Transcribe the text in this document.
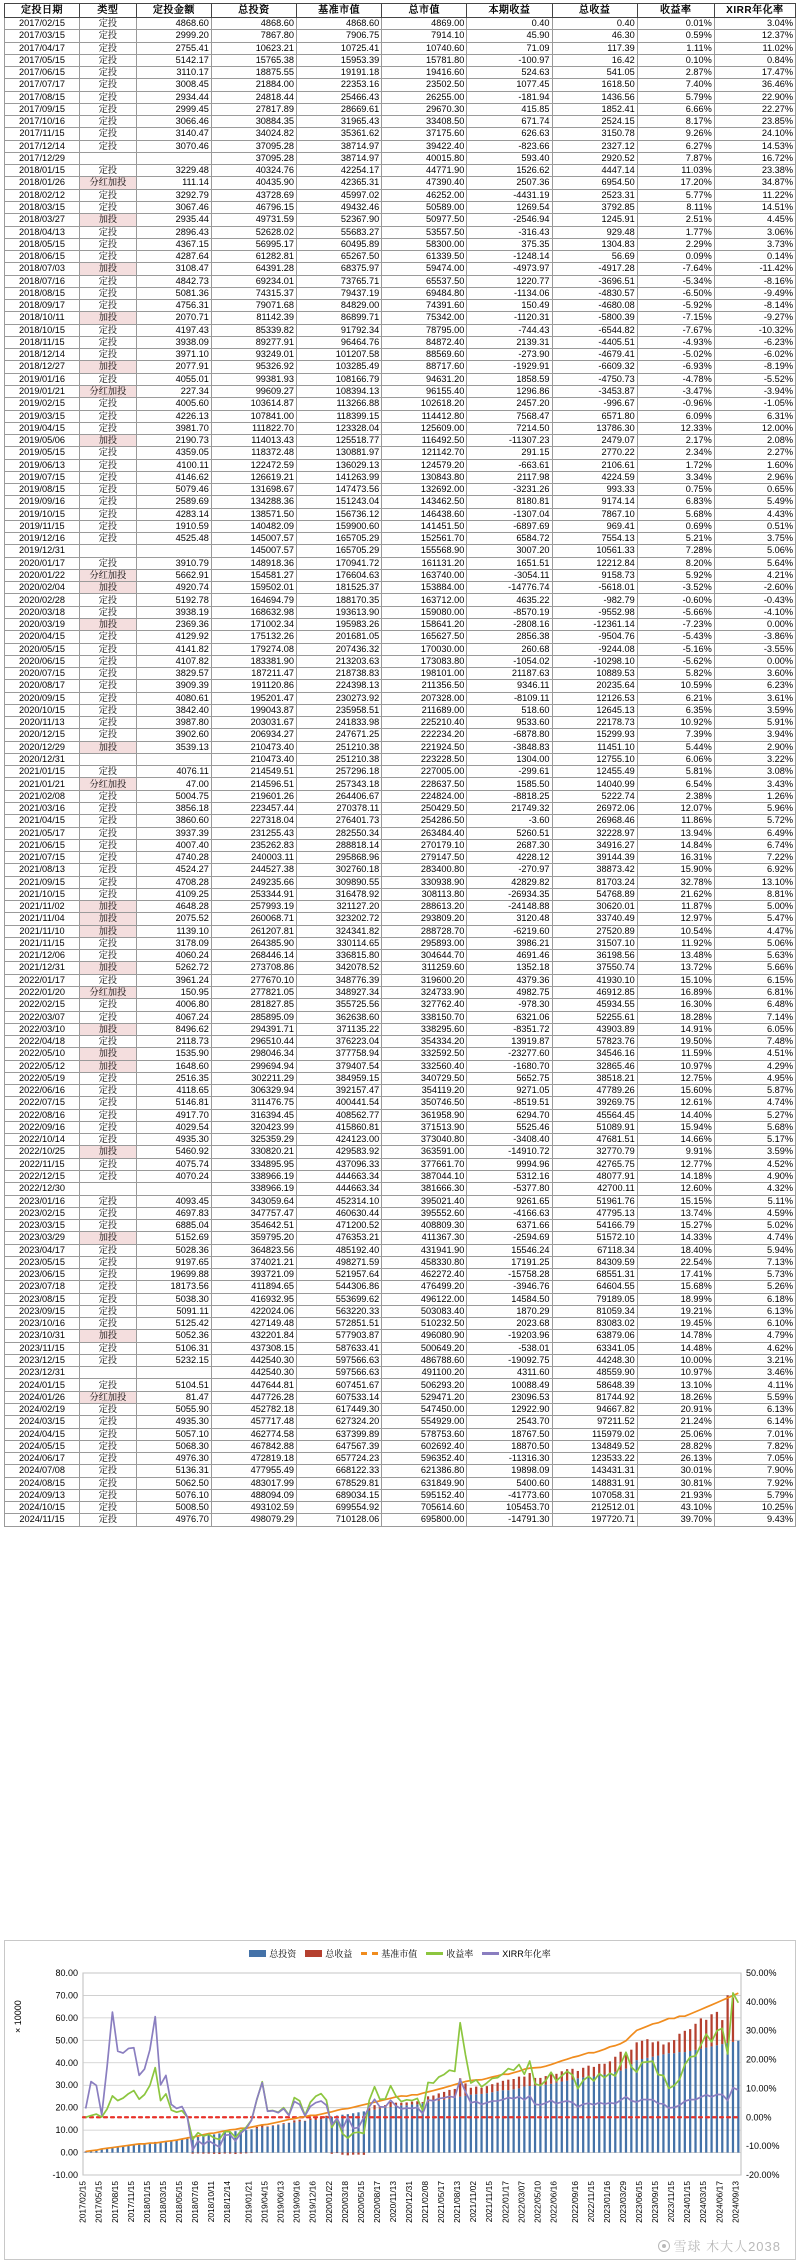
定投日期	类型	定投金额	总投资	基准市值	总市值	本期收益	总收益	收益率	XIRR年化率
2017/02/15	定投	4868.60	4868.60	4868.60	4869.00	0.40	0.40	0.01%	3.04%
2017/03/15	定投	2999.20	7867.80	7906.75	7914.10	45.90	46.30	0.59%	12.37%
2017/04/17	定投	2755.41	10623.21	10725.41	10740.60	71.09	117.39	1.11%	11.02%
2017/05/15	定投	5142.17	15765.38	15953.39	15781.80	-100.97	16.42	0.10%	0.84%
2017/06/15	定投	3110.17	18875.55	19191.18	19416.60	524.63	541.05	2.87%	17.47%
2017/07/17	定投	3008.45	21884.00	22353.16	23502.50	1077.45	1618.50	7.40%	36.46%
2017/08/15	定投	2934.44	24818.44	25466.43	26255.00	-181.94	1436.56	5.79%	22.90%
2017/09/15	定投	2999.45	27817.89	28669.61	29670.30	415.85	1852.41	6.66%	22.27%
2017/10/16	定投	3066.46	30884.35	31965.43	33408.50	671.74	2524.15	8.17%	23.85%
2017/11/15	定投	3140.47	34024.82	35361.62	37175.60	626.63	3150.78	9.26%	24.10%
2017/12/14	定投	3070.46	37095.28	38714.97	39422.40	-823.66	2327.12	6.27%	14.53%
2017/12/29			37095.28	38714.97	40015.80	593.40	2920.52	7.87%	16.72%
2018/01/15	定投	3229.48	40324.76	42254.17	44771.90	1526.62	4447.14	11.03%	23.38%
2018/01/26	分红加投	111.14	40435.90	42365.31	47390.40	2507.36	6954.50	17.20%	34.87%
2018/02/12	定投	3292.79	43728.69	45997.02	46252.00	-4431.19	2523.31	5.77%	11.22%
2018/03/15	定投	3067.46	46796.15	49432.46	50589.00	1269.54	3792.85	8.11%	14.51%
2018/03/27	加投	2935.44	49731.59	52367.90	50977.50	-2546.94	1245.91	2.51%	4.45%
2018/04/13	定投	2896.43	52628.02	55683.27	53557.50	-316.43	929.48	1.77%	3.06%
2018/05/15	定投	4367.15	56995.17	60495.89	58300.00	375.35	1304.83	2.29%	3.73%
2018/06/15	定投	4287.64	61282.81	65267.50	61339.50	-1248.14	56.69	0.09%	0.14%
2018/07/03	加投	3108.47	64391.28	68375.97	59474.00	-4973.97	-4917.28	-7.64%	-11.42%
2018/07/16	定投	4842.73	69234.01	73765.71	65537.50	1220.77	-3696.51	-5.34%	-8.16%
2018/08/15	定投	5081.36	74315.37	79437.19	69484.80	-1134.06	-4830.57	-6.50%	-9.49%
2018/09/17	定投	4756.31	79071.68	84829.00	74391.60	150.49	-4680.08	-5.92%	-8.14%
2018/10/11	加投	2070.71	81142.39	86899.71	75342.00	-1120.31	-5800.39	-7.15%	-9.27%
2018/10/15	定投	4197.43	85339.82	91792.34	78795.00	-744.43	-6544.82	-7.67%	-10.32%
2018/11/15	定投	3938.09	89277.91	96464.76	84872.40	2139.31	-4405.51	-4.93%	-6.23%
2018/12/14	定投	3971.10	93249.01	101207.58	88569.60	-273.90	-4679.41	-5.02%	-6.02%
2018/12/27	加投	2077.91	95326.92	103285.49	88717.60	-1929.91	-6609.32	-6.93%	-8.19%
2019/01/16	定投	4055.01	99381.93	108166.79	94631.20	1858.59	-4750.73	-4.78%	-5.52%
2019/01/21	分红加投	227.34	99609.27	108394.13	96155.40	1296.86	-3453.87	-3.47%	-3.94%
2019/02/15	定投	4005.60	103614.87	113266.88	102618.20	2457.20	-996.67	-0.96%	-1.05%
2019/03/15	定投	4226.13	107841.00	118399.15	114412.80	7568.47	6571.80	6.09%	6.31%
2019/04/15	定投	3981.70	111822.70	123328.04	125609.00	7214.50	13786.30	12.33%	12.00%
2019/05/06	加投	2190.73	114013.43	125518.77	116492.50	-11307.23	2479.07	2.17%	2.08%
2019/05/15	定投	4359.05	118372.48	130881.97	121142.70	291.15	2770.22	2.34%	2.27%
2019/06/13	定投	4100.11	122472.59	136029.13	124579.20	-663.61	2106.61	1.72%	1.60%
2019/07/15	定投	4146.62	126619.21	141263.99	130843.80	2117.98	4224.59	3.34%	2.96%
2019/08/15	定投	5079.46	131698.67	147473.56	132692.00	-3231.26	993.33	0.75%	0.65%
2019/09/16	定投	2589.69	134288.36	151243.04	143462.50	8180.81	9174.14	6.83%	5.49%
2019/10/15	定投	4283.14	138571.50	156736.12	146438.60	-1307.04	7867.10	5.68%	4.43%
2019/11/15	定投	1910.59	140482.09	159900.60	141451.50	-6897.69	969.41	0.69%	0.51%
2019/12/16	定投	4525.48	145007.57	165705.29	152561.70	6584.72	7554.13	5.21%	3.75%
2019/12/31			145007.57	165705.29	155568.90	3007.20	10561.33	7.28%	5.06%
2020/01/17	定投	3910.79	148918.36	170941.72	161131.20	1651.51	12212.84	8.20%	5.64%
2020/01/22	分红加投	5662.91	154581.27	176604.63	163740.00	-3054.11	9158.73	5.92%	4.21%
2020/02/04	加投	4920.74	159502.01	181525.37	153884.00	-14776.74	-5618.01	-3.52%	-2.60%
2020/02/28	定投	5192.78	164694.79	188170.35	163712.00	4635.22	-982.79	-0.60%	-0.43%
2020/03/18	定投	3938.19	168632.98	193613.90	159080.00	-8570.19	-9552.98	-5.66%	-4.10%
2020/03/19	加投	2369.36	171002.34	195983.26	158641.20	-2808.16	-12361.14	-7.23%	0.00%
2020/04/15	定投	4129.92	175132.26	201681.05	165627.50	2856.38	-9504.76	-5.43%	-3.86%
2020/05/15	定投	4141.82	179274.08	207436.32	170030.00	260.68	-9244.08	-5.16%	-3.55%
2020/06/15	定投	4107.82	183381.90	213203.63	173083.80	-1054.02	-10298.10	-5.62%	0.00%
2020/07/15	定投	3829.57	187211.47	218738.83	198101.00	21187.63	10889.53	5.82%	3.60%
2020/08/17	定投	3909.39	191120.86	224398.13	211356.50	9346.11	20235.64	10.59%	6.23%
2020/09/15	定投	4080.61	195201.47	230273.92	207328.00	-8109.11	12126.53	6.21%	3.61%
2020/10/15	定投	3842.40	199043.87	235958.51	211689.00	518.60	12645.13	6.35%	3.59%
2020/11/13	定投	3987.80	203031.67	241833.98	225210.40	9533.60	22178.73	10.92%	5.91%
2020/12/15	定投	3902.60	206934.27	247671.25	222234.20	-6878.80	15299.93	7.39%	3.94%
2020/12/29	加投	3539.13	210473.40	251210.38	221924.50	-3848.83	11451.10	5.44%	2.90%
2020/12/31			210473.40	251210.38	223228.50	1304.00	12755.10	6.06%	3.22%
2021/01/15	定投	4076.11	214549.51	257296.18	227005.00	-299.61	12455.49	5.81%	3.08%
2021/01/21	分红加投	47.00	214596.51	257343.18	228637.50	1585.50	14040.99	6.54%	3.43%
2021/02/08	定投	5004.75	219601.26	264406.67	224824.00	-8818.25	5222.74	2.38%	1.26%
2021/03/16	定投	3856.18	223457.44	270378.11	250429.50	21749.32	26972.06	12.07%	5.96%
2021/04/15	定投	3860.60	227318.04	276401.73	254286.50	-3.60	26968.46	11.86%	5.72%
2021/05/17	定投	3937.39	231255.43	282550.34	263484.40	5260.51	32228.97	13.94%	6.49%
2021/06/15	定投	4007.40	235262.83	288818.14	270179.10	2687.30	34916.27	14.84%	6.74%
2021/07/15	定投	4740.28	240003.11	295868.96	279147.50	4228.12	39144.39	16.31%	7.22%
2021/08/13	定投	4524.27	244527.38	302760.18	283400.80	-270.97	38873.42	15.90%	6.92%
2021/09/15	定投	4708.28	249235.66	309890.55	330938.90	42829.82	81703.24	32.78%	13.10%
2021/10/15	定投	4109.25	253344.91	316478.92	308113.80	-26934.35	54768.89	21.62%	8.81%
2021/11/02	加投	4648.28	257993.19	321127.20	288613.20	-24148.88	30620.01	11.87%	5.00%
2021/11/04	加投	2075.52	260068.71	323202.72	293809.20	3120.48	33740.49	12.97%	5.47%
2021/11/10	加投	1139.10	261207.81	324341.82	288728.70	-6219.60	27520.89	10.54%	4.47%
2021/11/15	定投	3178.09	264385.90	330114.65	295893.00	3986.21	31507.10	11.92%	5.06%
2021/12/06	定投	4060.24	268446.14	336815.80	304644.70	4691.46	36198.56	13.48%	5.63%
2021/12/31	加投	5262.72	273708.86	342078.52	311259.60	1352.18	37550.74	13.72%	5.66%
2022/01/17	定投	3961.24	277670.10	348776.39	319600.20	4379.36	41930.10	15.10%	6.15%
2022/01/20	分红加投	150.95	277821.05	348927.34	324733.90	4982.75	46912.85	16.89%	6.81%
2022/02/15	定投	4006.80	281827.85	355725.56	327762.40	-978.30	45934.55	16.30%	6.48%
2022/03/07	定投	4067.24	285895.09	362638.60	338150.70	6321.06	52255.61	18.28%	7.14%
2022/03/10	加投	8496.62	294391.71	371135.22	338295.60	-8351.72	43903.89	14.91%	6.05%
2022/04/18	定投	2118.73	296510.44	376223.04	354334.20	13919.87	57823.76	19.50%	7.48%
2022/05/10	加投	1535.90	298046.34	377758.94	332592.50	-23277.60	34546.16	11.59%	4.51%
2022/05/12	加投	1648.60	299694.94	379407.54	332560.40	-1680.70	32865.46	10.97%	4.29%
2022/05/19	定投	2516.35	302211.29	384959.15	340729.50	5652.75	38518.21	12.75%	4.95%
2022/06/16	定投	4118.65	306329.94	392157.47	354119.20	9271.05	47789.26	15.60%	5.87%
2022/07/15	定投	5146.81	311476.75	400441.54	350746.50	-8519.51	39269.75	12.61%	4.74%
2022/08/16	定投	4917.70	316394.45	408562.77	361958.90	6294.70	45564.45	14.40%	5.27%
2022/09/16	定投	4029.54	320423.99	415860.81	371513.90	5525.46	51089.91	15.94%	5.68%
2022/10/14	定投	4935.30	325359.29	424123.00	373040.80	-3408.40	47681.51	14.66%	5.17%
2022/10/25	加投	5460.92	330820.21	429583.92	363591.00	-14910.72	32770.79	9.91%	3.59%
2022/11/15	定投	4075.74	334895.95	437096.33	377661.70	9994.96	42765.75	12.77%	4.52%
2022/12/15	定投	4070.24	338966.19	444663.34	387044.10	5312.16	48077.91	14.18%	4.90%
2022/12/30			338966.19	444663.34	381666.30	-5377.80	42700.11	12.60%	4.32%
2023/01/16	定投	4093.45	343059.64	452314.10	395021.40	9261.65	51961.76	15.15%	5.11%
2023/02/15	定投	4697.83	347757.47	460630.44	395552.60	-4166.63	47795.13	13.74%	4.59%
2023/03/15	定投	6885.04	354642.51	471200.52	408809.30	6371.66	54166.79	15.27%	5.02%
2023/03/29	加投	5152.69	359795.20	476353.21	411367.30	-2594.69	51572.10	14.33%	4.74%
2023/04/17	定投	5028.36	364823.56	485192.40	431941.90	15546.24	67118.34	18.40%	5.94%
2023/05/15	定投	9197.65	374021.21	498271.59	458330.80	17191.25	84309.59	22.54%	7.13%
2023/06/15	定投	19699.88	393721.09	521957.64	462272.40	-15758.28	68551.31	17.41%	5.73%
2023/07/18	定投	18173.56	411894.65	544306.86	476499.20	-3946.76	64604.55	15.68%	5.26%
2023/08/15	定投	5038.30	416932.95	553699.62	496122.00	14584.50	79189.05	18.99%	6.18%
2023/09/15	定投	5091.11	422024.06	563220.33	503083.40	1870.29	81059.34	19.21%	6.13%
2023/10/16	定投	5125.42	427149.48	572851.51	510232.50	2023.68	83083.02	19.45%	6.10%
2023/10/31	加投	5052.36	432201.84	577903.87	496080.90	-19203.96	63879.06	14.78%	4.79%
2023/11/15	定投	5106.31	437308.15	587633.41	500649.20	-538.01	63341.05	14.48%	4.62%
2023/12/15	定投	5232.15	442540.30	597566.63	486788.60	-19092.75	44248.30	10.00%	3.21%
2023/12/31			442540.30	597566.63	491100.20	4311.60	48559.90	10.97%	3.46%
2024/01/15	定投	5104.51	447644.81	607451.67	506293.20	10088.49	58648.39	13.10%	4.11%
2024/01/26	分红加投	81.47	447726.28	607533.14	529471.20	23096.53	81744.92	18.26%	5.59%
2024/02/19	定投	5055.90	452782.18	617449.30	547450.00	12922.90	94667.82	20.91%	6.13%
2024/03/15	定投	4935.30	457717.48	627324.20	554929.00	2543.70	97211.52	21.24%	6.14%
2024/04/15	定投	5057.10	462774.58	637399.89	578753.60	18767.50	115979.02	25.06%	7.01%
2024/05/15	定投	5068.30	467842.88	647567.39	602692.40	18870.50	134849.52	28.82%	7.82%
2024/06/17	定投	4976.30	472819.18	657724.23	596352.40	-11316.30	123533.22	26.13%	7.05%
2024/07/08	定投	5136.31	477955.49	668122.33	621386.80	19898.09	143431.31	30.01%	7.90%
2024/08/15	定投	5062.50	483017.99	678529.81	631849.90	5400.60	148831.91	30.81%	7.92%
2024/09/13	定投	5076.10	488094.09	689034.15	595152.40	-41773.60	107058.31	21.93%	5.79%
2024/10/15	定投	5008.50	493102.59	699554.92	705614.60	105453.70	212512.01	43.10%	10.25%
2024/11/15	定投	4976.70	498079.29	710128.06	695800.00	-14791.30	197720.71	39.70%	9.43%
总投资	总收益	基准市值	收益率	XIRR年化率
-10.00
0.00
10.00
20.00
30.00
40.00
50.00
60.00
70.00
80.00
-20.00%
-10.00%
0.00%
10.00%
20.00%
30.00%
40.00%
50.00%
× 10000
2017/02/15 2017/05/15 2017/08/15 2017/11/15 2018/01/15 2018/03/15 2018/05/15 2018/07/16 2018/10/11 2018/12/14 2019/01/21 2019/04/15 2019/06/13 2019/09/16 2019/12/16 2020/01/22 2020/03/18 2020/05/15 2020/08/17 2020/11/13 2020/12/31 2021/02/08 2021/05/17 2021/08/13 2021/11/02 2021/11/15 2022/01/17 2022/03/07 2022/05/10 2022/06/16 2022/09/16 2022/11/15 2023/01/16 2023/03/29 2023/06/15 2023/09/15 2023/11/15 2024/01/15 2024/03/15 2024/06/17 2024/09/13
雪球 木大人2038
